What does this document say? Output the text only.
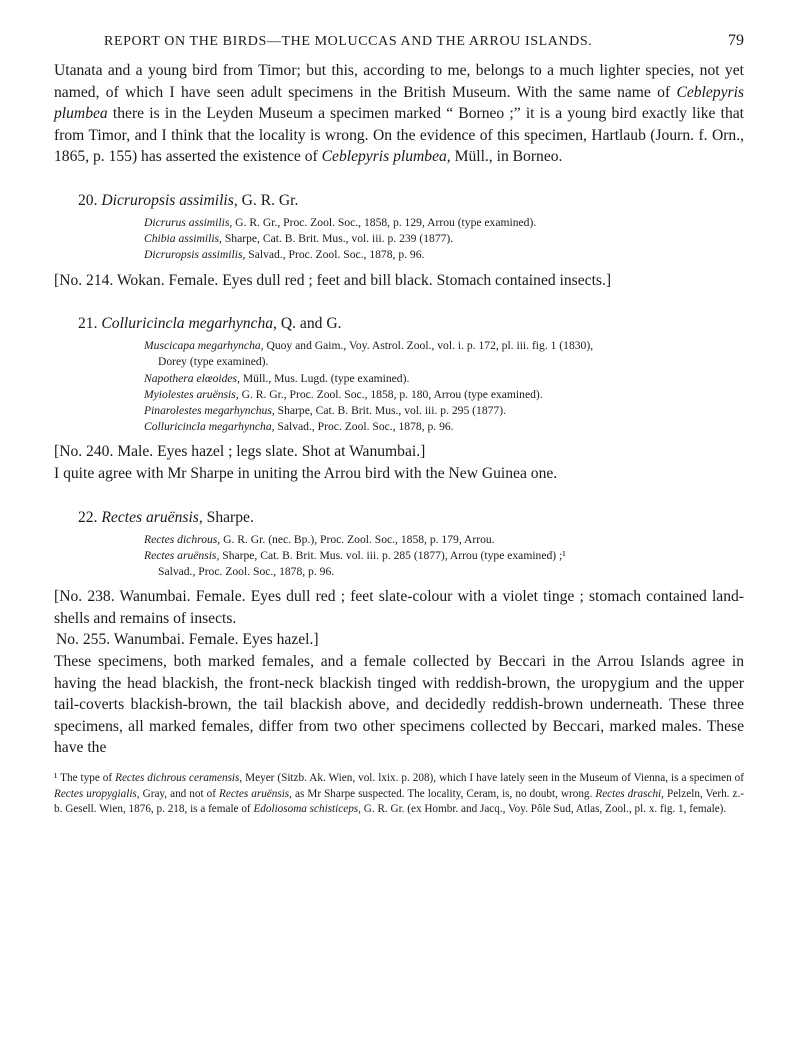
REPORT ON THE BIRDS—THE MOLUCCAS AND THE ARROU ISLANDS.	79

Utanata and a young bird from Timor; but this, according to me, belongs to a much lighter species, not yet named, of which I have seen adult specimens in the British Museum. With the same name of Ceblepyris plumbea there is in the Leyden Museum a specimen marked “ Borneo ;” it is a young bird exactly like that from Timor, and I think that the locality is wrong. On the evidence of this specimen, Hartlaub (Journ. f. Orn., 1865, p. 155) has asserted the existence of Ceblepyris plumbea, Müll., in Borneo.

20. Dicruropsis assimilis, G. R. Gr.

Dicrurus assimilis, G. R. Gr., Proc. Zool. Soc., 1858, p. 129, Arrou (type examined).

Chibia assimilis, Sharpe, Cat. B. Brit. Mus., vol. iii. p. 239 (1877).

Dicruropsis assimilis, Salvad., Proc. Zool. Soc., 1878, p. 96.

[No. 214. Wokan. Female. Eyes dull red ; feet and bill black. Stomach contained insects.]

21. Colluricincla megarhyncha, Q. and G.

Muscicapa megarhyncha, Quoy and Gaim., Voy. Astrol. Zool., vol. i. p. 172, pl. iii. fig. 1 (1830),

Dorey (type examined).

Napothera elœoides, Müll., Mus. Lugd. (type examined).

Myiolestes aruënsis, G. R. Gr., Proc. Zool. Soc., 1858, p. 180, Arrou (type examined).

Pinarolestes megarhynchus, Sharpe, Cat. B. Brit. Mus., vol. iii. p. 295 (1877).

Colluricincla megarhyncha, Salvad., Proc. Zool. Soc., 1878, p. 96.

[No. 240. Male. Eyes hazel ; legs slate. Shot at Wanumbai.]

I quite agree with Mr Sharpe in uniting the Arrou bird with the New Guinea one.

22. Rectes aruënsis, Sharpe.

Rectes dichrous, G. R. Gr. (nec. Bp.), Proc. Zool. Soc., 1858, p. 179, Arrou.

Rectes aruënsis, Sharpe, Cat. B. Brit. Mus. vol. iii. p. 285 (1877), Arrou (type examined) ;¹

Salvad., Proc. Zool. Soc., 1878, p. 96.

[No. 238. Wanumbai. Female. Eyes dull red ; feet slate-colour with a violet tinge ; stomach contained land-shells and remains of insects.

No. 255. Wanumbai. Female. Eyes hazel.]

These specimens, both marked females, and a female collected by Beccari in the Arrou Islands agree in having the head blackish, the front-neck blackish tinged with reddish-brown, the uropygium and the upper tail-coverts blackish-brown, the tail blackish above, and decidedly reddish-brown underneath. These three specimens, all marked females, differ from two other specimens collected by Beccari, marked males. These have the

¹ The type of Rectes dichrous ceramensis, Meyer (Sitzb. Ak. Wien, vol. lxix. p. 208), which I have lately seen in the Museum of Vienna, is a specimen of Rectes uropygialis, Gray, and not of Rectes aruënsis, as Mr Sharpe suspected. The locality, Ceram, is, no doubt, wrong. Rectes draschi, Pelzeln, Verh. z.-b. Gesell. Wien, 1876, p. 218, is a female of Edoliosoma schisticeps, G. R. Gr. (ex Hombr. and Jacq., Voy. Pôle Sud, Atlas, Zool., pl. x. fig. 1, female).
